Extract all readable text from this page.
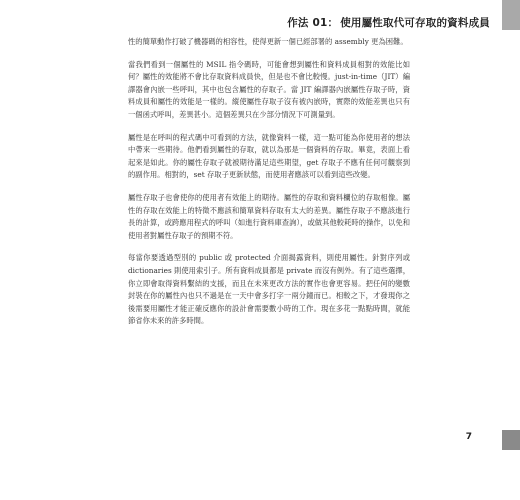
作法 01： 使用屬性取代可存取的資料成員

性的簡單動作打破了機器碼的相容性，使得更新一個已經部署的 assembly 更為困難。

當我們看到一個屬性的 MSIL 指令碼時，可能會想到屬性和資料成員相對的效能比如何？屬性的效能將不會比存取資料成員快，但是也不會比較慢。just-in-time（JIT）編譯器會內嵌一些呼叫，其中也包含屬性的存取子。當 JIT 編譯器內嵌屬性存取子時，資料成員和屬性的效能是一樣的。縱使屬性存取子沒有被內嵌時，實際的效能差異也只有一個函式呼叫，差異甚小。這個差異只在少部分情況下可測量到。

屬性是在呼叫的程式碼中可看到的方法，就像資料一樣，這一點可能為你使用者的想法中帶來一些期待。他們看到屬性的存取，就以為那是一個資料的存取。畢竟，表面上看起來是如此。你的屬性存取子就被期待滿足這些期望，get 存取子不應有任何可觀察到的副作用。相對的，set 存取子更新狀態，而使用者應該可以看到這些改變。

屬性存取子也會使你的使用者有效能上的期待。屬性的存取和資料欄位的存取相像。屬性的存取在效能上的特徵不應該和簡單資料存取有太大的差異。屬性存取子不應該進行長的計算，或跨應用程式的呼叫（如進行資料庫查詢），或做其他較耗時的操作，以免和使用者對屬性存取子的預期不符。

每當你要透過型別的 public 或 protected 介面揭露資料，則使用屬性。針對序列或 dictionaries 則使用索引子。所有資料成員都是 private 而沒有例外。有了這些選擇，你立即會取得資料繫結的支援，而且在未來更改方法的實作也會更容易。把任何的變數封裝在你的屬性內也只不過是在一天中會多打字一兩分鐘而已。相較之下，才發現你之後需要用屬性才能正確反應你的設計會需要數小時的工作。現在多花一點點時間，就能節省你未來的許多時間。

7
